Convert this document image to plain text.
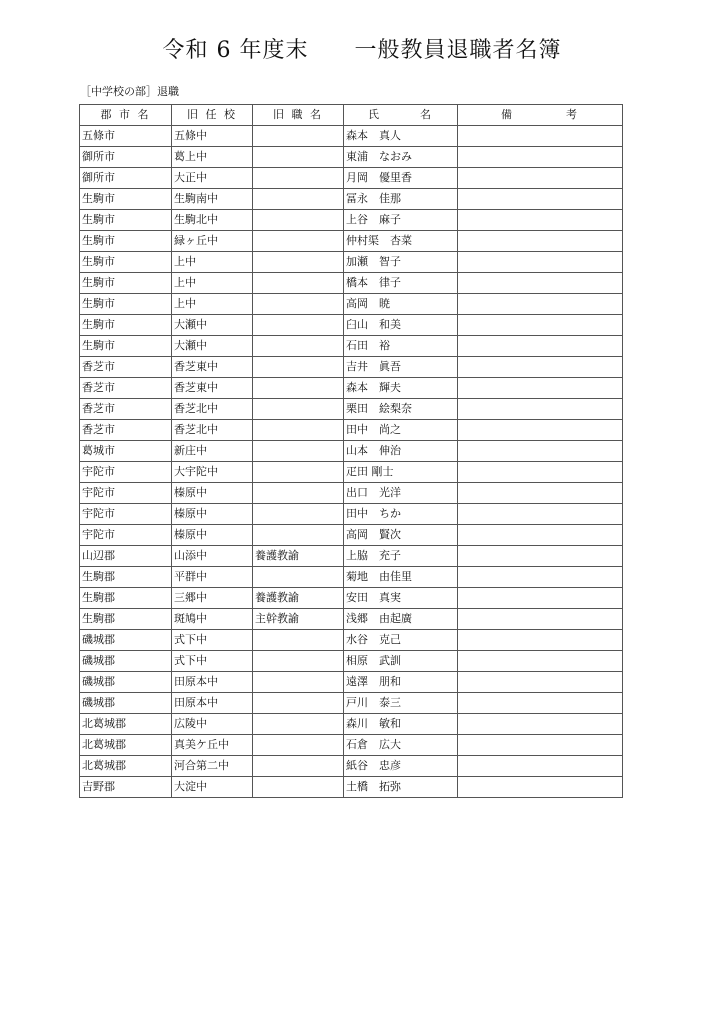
令和 6 年度末　　一般教員退職者名簿
［中学校の部］退職
郡 市 名	旧 任 校	旧 職 名	氏　　　名	備　　　　考
五條市	五條中		森本　真人	
御所市	葛上中		東浦　なおみ	
御所市	大正中		月岡　優里香	
生駒市	生駒南中		冨永　佳那	
生駒市	生駒北中		上谷　麻子	
生駒市	緑ヶ丘中		仲村渠　杏菜	
生駒市	上中		加瀬　智子	
生駒市	上中		橋本　律子	
生駒市	上中		高岡　暁	
生駒市	大瀬中		臼山　和美	
生駒市	大瀬中		石田　裕	
香芝市	香芝東中		吉井　眞吾	
香芝市	香芝東中		森本　輝夫	
香芝市	香芝北中		栗田　絵梨奈	
香芝市	香芝北中		田中　尚之	
葛城市	新庄中		山本　伸治	
宇陀市	大宇陀中		疋田 剛士	
宇陀市	榛原中		出口　光洋	
宇陀市	榛原中		田中　ちか	
宇陀市	榛原中		高岡　賢次	
山辺郡	山添中	養護教諭	上脇　充子	
生駒郡	平群中		菊地　由佳里	
生駒郡	三郷中	養護教諭	安田　真実	
生駒郡	斑鳩中	主幹教諭	浅郷　由起廣	
磯城郡	式下中		水谷　克己	
磯城郡	式下中		相原　武訓	
磯城郡	田原本中		遠澤　朋和	
磯城郡	田原本中		戸川　泰三	
北葛城郡	広陵中		森川　敏和	
北葛城郡	真美ケ丘中		石倉　広大	
北葛城郡	河合第二中		紙谷　忠彦	
吉野郡	大淀中		土橋　拓弥	
